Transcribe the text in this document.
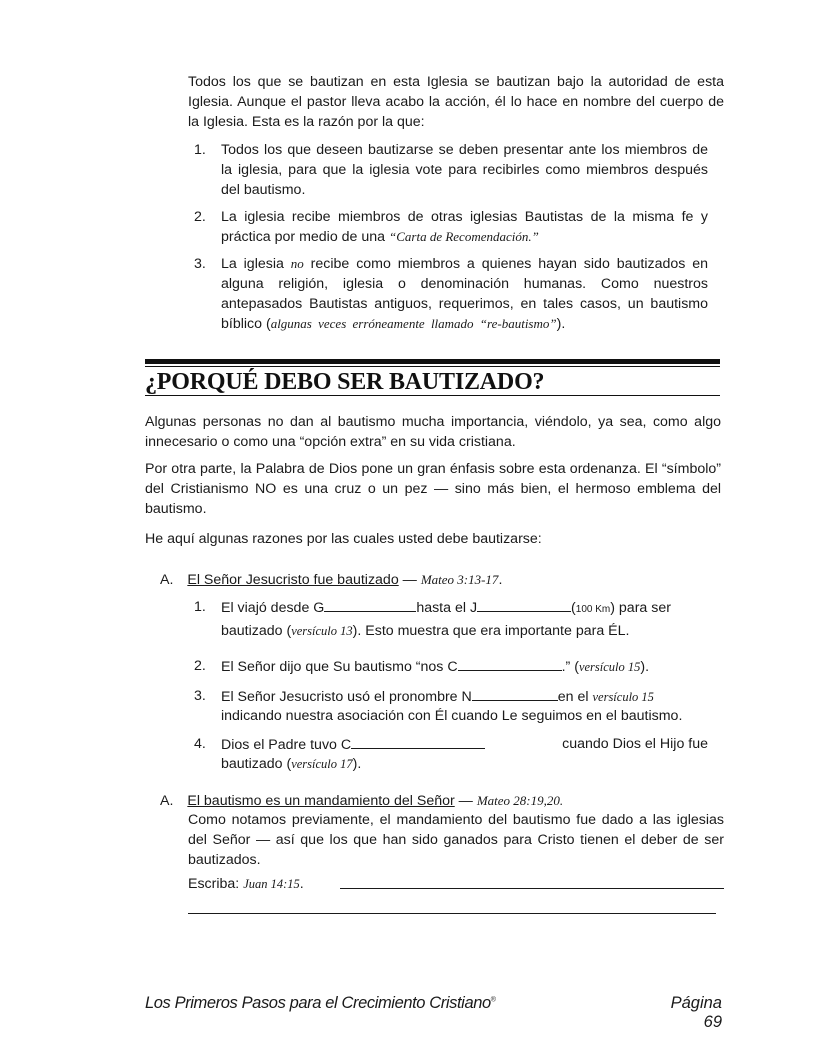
Todos los que se bautizan en esta Iglesia se bautizan bajo la autoridad de esta Iglesia. Aunque el pastor lleva acabo la acción, él lo hace en nombre del cuerpo de la Iglesia. Esta es la razón por la que:
1. Todos los que deseen bautizarse se deben presentar ante los miembros de la iglesia, para que la iglesia vote para recibirles como miembros después del bautismo.
2. La iglesia recibe miembros de otras iglesias Bautistas de la misma fe y práctica por medio de una “Carta de Recomendación.”
3. La iglesia no recibe como miembros a quienes hayan sido bautizados en alguna religión, iglesia o denominación humanas. Como nuestros antepasados Bautistas antiguos, requerimos, en tales casos, un bautismo bíblico (algunas veces erróneamente llamado “re-bautismo”).
¿PORQUÉ DEBO SER BAUTIZADO?
Algunas personas no dan al bautismo mucha importancia, viéndolo, ya sea, como algo innecesario o como una “opción extra” en su vida cristiana.
Por otra parte, la Palabra de Dios pone un gran énfasis sobre esta ordenanza. El “símbolo” del Cristianismo NO es una cruz o un pez — sino más bien, el hermoso emblema del bautismo.
He aquí algunas razones por las cuales usted debe bautizarse:
A. El Señor Jesucristo fue bautizado — Mateo 3:13-17.
1. El viajó desde G	hasta el J	(100 Km) para ser
bautizado (versículo 13). Esto muestra que era importante para ÉL.
2. El Señor dijo que Su bautismo “nos C	.” (versículo 15).
3. El Señor Jesucristo usó el pronombre N	en el versículo 15
indicando nuestra asociación con Él cuando Le seguimos en el bautismo.
4. Dios el Padre tuvo C	cuando Dios el Hijo fue
bautizado (versículo 17).
A. El bautismo es un mandamiento del Señor — Mateo 28:19,20.
Como notamos previamente, el mandamiento del bautismo fue dado a las iglesias del Señor — así que los que han sido ganados para Cristo tienen el deber de ser bautizados.
Escriba: Juan 14:15.
Los Primeros Pasos para el Crecimiento Cristiano®	Página 69
